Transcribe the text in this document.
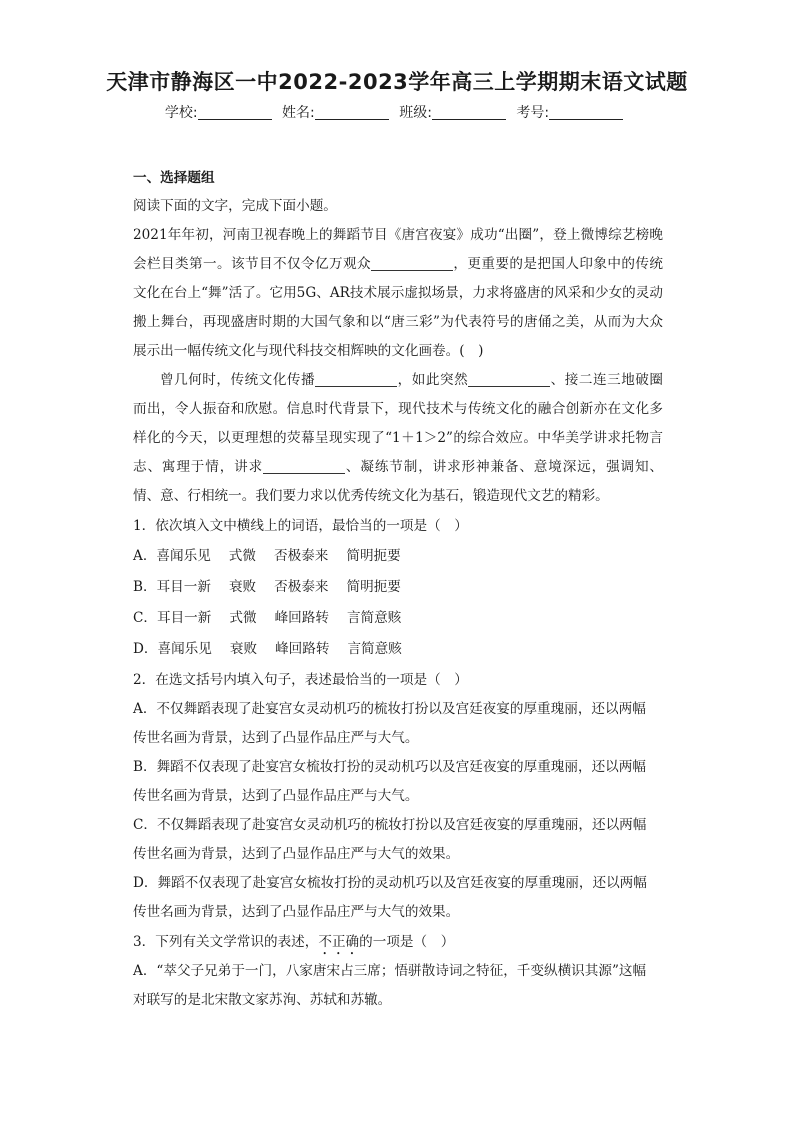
天津市静海区一中2022-2023学年高三上学期期末语文试题
学校:	姓名:	班级:	考号:
一、选择题组
阅读下面的文字，完成下面小题。
2021年年初，河南卫视春晚上的舞蹈节目《唐宫夜宴》成功“出圈”，登上微博综艺榜晚会栏目类第一。该节目不仅令亿万观众	，更重要的是把国人印象中的传统文化在台上“舞”活了。它用5G、AR技术展示虚拟场景，力求将盛唐的风采和少女的灵动搬上舞台，再现盛唐时期的大国气象和以“唐三彩”为代表符号的唐俑之美，从而为大众展示出一幅传统文化与现代科技交相辉映的文化画卷。(　)
曾几何时，传统文化传播	，如此突然	、接二连三地破圈而出，令人振奋和欣慰。信息时代背景下，现代技术与传统文化的融合创新亦在文化多样化的今天，以更理想的荧幕呈现实现了“1＋1＞2”的综合效应。中华美学讲求托物言志、寓理于情，讲求	、凝练节制，讲求形神兼备、意境深远，强调知、情、意、行相统一。我们要力求以优秀传统文化为基石，锻造现代文艺的精彩。
1．依次填入文中横线上的词语，最恰当的一项是（　）
A．喜闻乐见 式微 否极泰来 简明扼要
B．耳目一新 衰败 否极泰来 简明扼要
C．耳目一新 式微 峰回路转 言简意赅
D．喜闻乐见 衰败 峰回路转 言简意赅
2．在选文括号内填入句子，表述最恰当的一项是（　）
A．不仅舞蹈表现了赴宴宫女灵动机巧的梳妆打扮以及宫廷夜宴的厚重瑰丽，还以两幅
传世名画为背景，达到了凸显作品庄严与大气。
B．舞蹈不仅表现了赴宴宫女梳妆打扮的灵动机巧以及宫廷夜宴的厚重瑰丽，还以两幅
传世名画为背景，达到了凸显作品庄严与大气。
C．不仅舞蹈表现了赴宴宫女灵动机巧的梳妆打扮以及宫廷夜宴的厚重瑰丽，还以两幅
传世名画为背景，达到了凸显作品庄严与大气的效果。
D．舞蹈不仅表现了赴宴宫女梳妆打扮的灵动机巧以及宫廷夜宴的厚重瑰丽，还以两幅
传世名画为背景，达到了凸显作品庄严与大气的效果。
3．下列有关文学常识的表述，不正确的一项是（　）
A．“萃父子兄弟于一门，八家唐宋占三席；悟骈散诗词之特征，千变纵横识其源”这幅
对联写的是北宋散文家苏洵、苏轼和苏辙。
